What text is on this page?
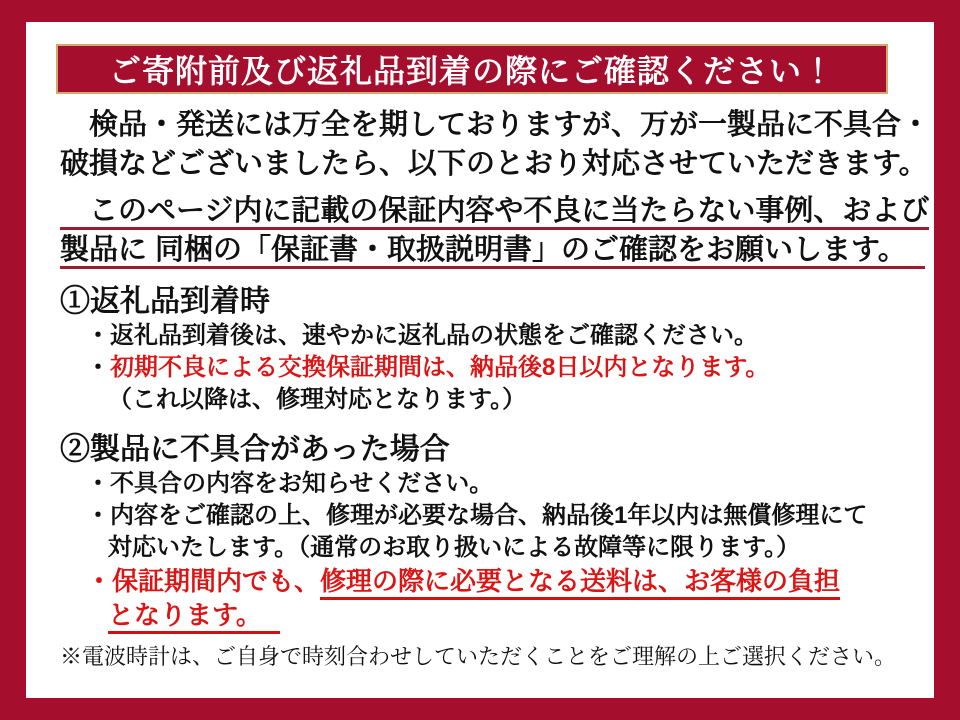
ご寄附前及び返礼品到着の際にご確認ください！
　検品・発送には万全を期しておりますが、万が一製品に不具合・
破損などございましたら、以下のとおり対応させていただきます。
　このページ内に記載の保証内容や不良に当たらない事例、および
製品に 同梱の「保証書・取扱説明書」のご確認をお願いします。
①返礼品到着時
・返礼品到着後は、速やかに返礼品の状態をご確認ください。
・初期不良による交換保証期間は、納品後8日以内となります。
（これ以降は、修理対応となります。）
②製品に不具合があった場合
・不具合の内容をお知らせください。
・内容をご確認の上、修理が必要な場合、納品後1年以内は無償修理にて
対応いたします。（通常のお取り扱いによる故障等に限ります。）
・保証期間内でも、修理の際に必要となる送料は、お客様の負担
となります。
※電波時計は、ご自身で時刻合わせしていただくことをご理解の上ご選択ください。
